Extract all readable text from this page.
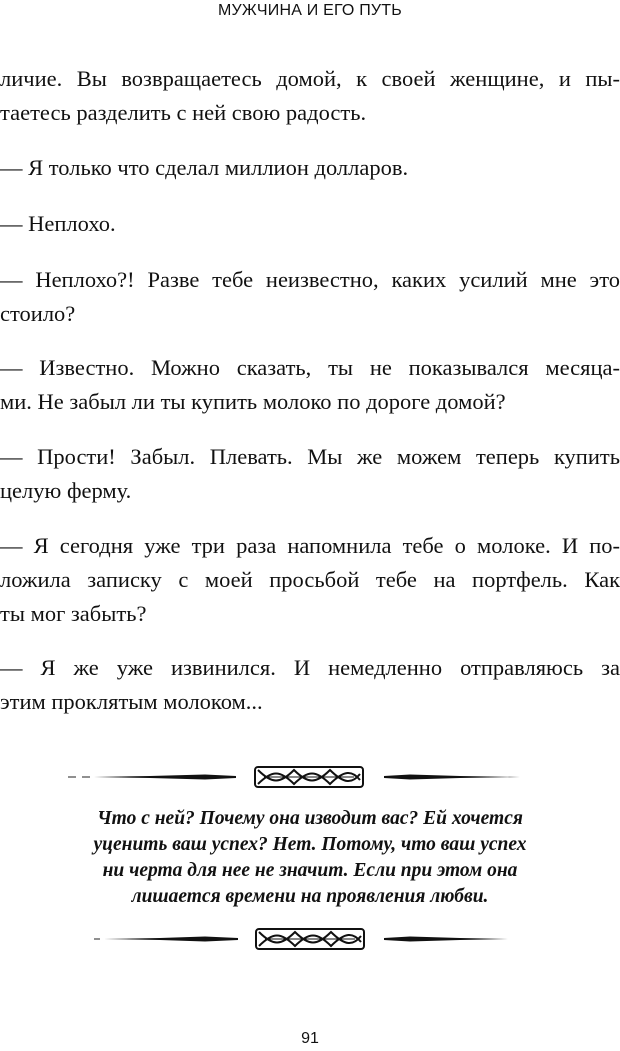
МУЖЧИНА И ЕГО ПУТЬ

личие. Вы возвращаетесь домой, к своей женщине, и пы-
таетесь разделить с ней свою радость.

— Я только что сделал миллион долларов.

— Неплохо.

— Неплохо?! Разве тебе неизвестно, каких усилий мне это
стоило?

— Известно. Можно сказать, ты не показывался месяца-
ми. Не забыл ли ты купить молоко по дороге домой?

— Прости! Забыл. Плевать. Мы же можем теперь купить
целую ферму.

— Я сегодня уже три раза напомнила тебе о молоке. И по-
ложила записку с моей просьбой тебе на портфель. Как
ты мог забыть?

— Я же уже извинился. И немедленно отправляюсь за
этим проклятым молоком...

Что с ней? Почему она изводит вас? Ей хочется
уценить ваш успех? Нет. Потому, что ваш успех
ни черта для нее не значит. Если при этом она
лишается времени на проявления любви.
91
